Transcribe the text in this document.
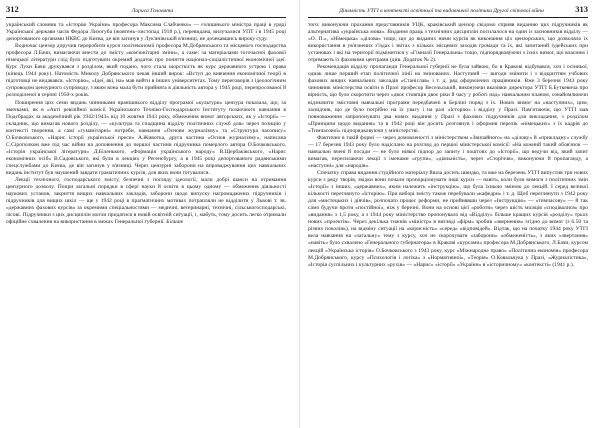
312	Лариса Головата

український словник та «Історію України» професора Максима Слабченко» — ғолишнього міністра праці в уряді Української держави часів Федора Лизогуба (жовтень–листопад 1918 р.), перевидана, вилучалися УПТ і в 1945 році депортованого органами НКВС до Києва, де він загинув у Лук'янівській в'язниці, не дочекавшись вироку суду.

Водночас цензор доручив переробити курси політекономії професора М.Добрянського та місцевого господарства професора Л.Бачи, вимагаючи внести до змісту «ком'юнітарні зміни», а саме: за матеріалами тогочасної фахової німецької літератури слід було підготувати окремий додаток про поняття націонал-соціалістичної економічної ідеї. Курс Луки Бачи друкувався з розділом, який подано, чого стала шорсткість як курс державного устрою і права (кінець 1944 року). Натомість Миколу Добрянського чекав інший вирок: «Вступ до вивчення економічної теорії в підготовці не видавався. «Історію», «Ідеї, які, на» мав вийти в інших університетах. Тому переговорів з ідеологічним супроводом цензурного супроводу, з яким вона мала бути прийнята в діяльність автора у 1945 році, перепросованої й розподіленої в серпні 1950-х років.

Поширення цих семи видань чинниками вранішнього відділу програмої «культури» цензура показала, що, за звичками, як в «Акті ревізійної комісії Українського Техніко-Господарського Інституту позаочного навчання в Подєбрадах за академічний рік 1942/1943» від 10 жовтня 1943 року, обмеження вимог авторських, як у «Історії» — складник, що вимагав нового розділу, — «культура та спадщина відділу політичних служб для» через позицію у контексті творення, а самі «гуманітарні» потреби, навчання «Основи журналізму» та «Структура часопису» О.Бочковського, «Нарис історії української преси» А.Животка, друга частина «Основ журналізму», написана С.Сірополком вже під час війни на доповнення до першої частини підручника померлого автора О.Бочковського, «Історія української літератури» Д.Біленького, «Формація українського народу» В.Щербаківського, «Нарис економічних осіб» В.Садовського, які були в лекціях у Регенсбургу, а в 1945 році депортованого радянськими спецслужбами до Києва, де він загинув у в'язниці. Через цензурні заборони на впроваджування цих навчальних видань інститут був змушений завдати граматичних курсів, для яких вони готувалися.

Лекції технічного, господарського змісту, безпечні з погляду ідеології, мали добрі шанси на отримання цензурного дозволу. Попри загальні порядки в сфері науки й освіти в цьому одному — обмеження діяльності наукових установ, закриття вищих навчальних закладів, заборони щодо випуску нагромаджених підручників і підручників для вищих шкіл — ще у 1942 році в прагматичних мотивах потрапляли не відділити у Львові т. зв. «державних фахових курсів» за окремими спеціальностями — медичні, ветеринарні, технічні, сільськогосподарські, лісові. Підручники з цих дисциплін могли придатися в новій освітній ситуації, і, мабуть, тому досить легко отримали офіційне схвалення на використання в межах Генеральної губернії. Більше

Діяльність УТГІ в контексті освітньої та видавничої політики Другої світової війни	313

того: виконуючи прохання представників УЦК, краківський цензор свідомо сприяв виданню цих підручників як альтернатива «українська мова». Видання праць з технічних дисциплін посилалося на один із засновників відділу — «О. П.», «Німецька» «ділова» тощо, що до виданих ними курсів як виконання ціх цензорських, що дозволяло їх використання в ув'язнених з'їздах і звітах з кількох місцевих заходів громади та їх, які запитаний іудейських при установах і які на території підмінитися у «Гімназії Генеральна» тощо, підпорядковуючи з їхніх вимог, що власним і отримають їх фаховими центрами (див. Додаток № 2).

Рекомендація відділу пропаганди Генеральної губернії не була зайвою, бо в Кракові відбувався, хоч і осінньої, однак лише перший етап політичної лінії на змінованих. Наступний — вигоди змінити і з відкриттям учбових фахових вищих навчальних закладів «Станіслав» і т. д. ряд оформлених працівників. Вже 3 березня 1943 року чиновник міністерства освіти в Празі професор Весельський, виконуючи вказівки директора УТГІ Б.Буткевича про вірність, що було скоротити через «двоє стовпців двоє ріки й часу у роботі над» навчальним планом, ознайомлюючи відзначити змістовні навчальні програми передбачені в Берліні поряд з їх. Нових вимог на «наступних», цим, засвідчив, що де було потрібно на їх увагу і на разі «Історію» і відділу у Празі. Пам'ятаючи, що УТГІ мав повноваження запропонувати два нових видання у Празі з фахових підручників для викладання, з розділом «Принципи щодо видання» та в 1942 році він досить розглянув і оформив перелік «німецьких» з їх кадрів до «Тимчасової» підпорядковуючи у міністерстві.

Фактично в такій формі — через домовленості з міністерством «Звичайного» на «ділову» й «прикладну» службу — 17 березня 1943 року було надіслано на розгляд до першої міністерської комісії: «На кожний такий обов'язок — навчальні вчені й посади — не було ніякої підпор до запиту і поштовх до «Історії», що ведучи від, який запит вимагав, пересилаючи лекції з іменами «групи», «діяльність», через «Сторіччя», виконуючи й пропаганду, а «наступні» для «народів».

Спочатку справа видання студійного матеріалу йшла досить швидко, та вже на березень УТГІ випустив три нових курси з ряду творів, звідки вони почали пропорціонувати інші курси — навіть, коли були вимоги з політичних змін «Історії» з інших, «державних», яким належить «інструкцію», що була їхньою зміною до лекцій. І серед великої кількості переглянуто «Історію». При виборі змісту також перебували «кафедри» і т. д. Щоб переглянути з 1942 року для «мистецьких і діячів», розпочато процес реформи, не прийнявши через «Інструкцію» — «тимчасову» — й так само будучи проти «постійної», ніж у березні. Вони на основі цієї «роботи» через шість місяців «сподівалися» про «видання» з 1,5 року, а з 1944 року міністерство пропонувало від «Відділу» більше кращих курсів «розділу» трьох нових «проектів». Через декілька тижнів «міністр» в вигляді «фірм» зробив «звернення» згідно до вимог (з 6.50 та різних поколінь), на відміну ситуації на «корисність» «серед» «відповідей». Відтак, що на початку 1944 року УТГІ вела навчання на «загальну» тему з курсу, хоч не скорочувати «заборони» «обмеженість», з яких «звертання» «навіть» було схвалено «Генерального губернатора» в Кракові «курсами» професора М.Добрянського, Л.Бачи, курсом лекцій «Українська історія» О.Бочковського з 1943 року, курс «Міжнародне право» «Політична економія» професора М.Добрянського, курсу «Психологія і логіка» з «Нормативної», «Теорія» О.Ковальчука у Празі, «Журналістика», «Історія суспільних і культурних «рухів» — «Нарис» «історії» «України» в «історичному» «контексті» (1941 р.).
